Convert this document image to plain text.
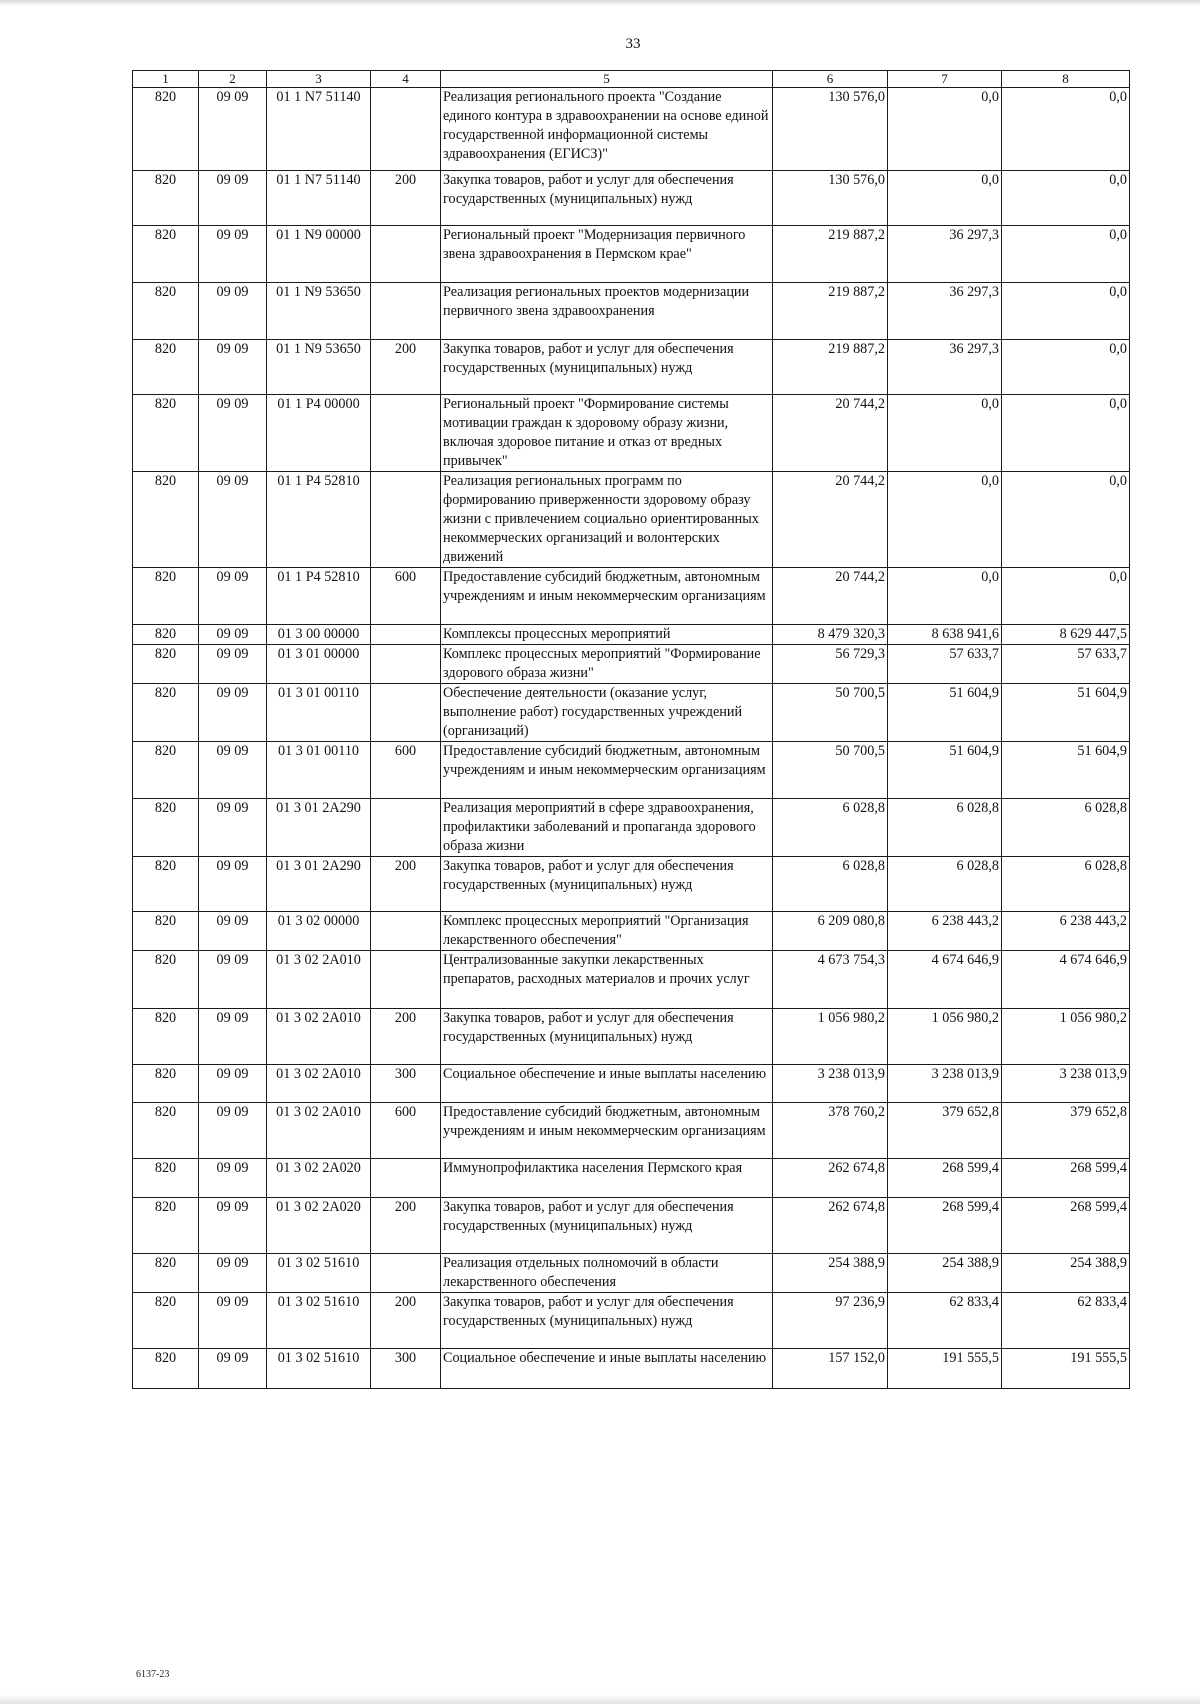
33
1	2	3	4	5	6	7	8
820	09 09	01 1 N7 51140		Реализация регионального проекта "Создание единого контура в здравоохранении на основе единой государственной информационной системы здравоохранения (ЕГИСЗ)"	130 576,0	0,0	0,0
820	09 09	01 1 N7 51140	200	Закупка товаров, работ и услуг для обеспечения государственных (муниципальных) нужд	130 576,0	0,0	0,0
820	09 09	01 1 N9 00000		Региональный проект "Модернизация первичного звена здравоохранения в Пермском крае"	219 887,2	36 297,3	0,0
820	09 09	01 1 N9 53650		Реализация региональных проектов модернизации первичного звена здравоохранения	219 887,2	36 297,3	0,0
820	09 09	01 1 N9 53650	200	Закупка товаров, работ и услуг для обеспечения государственных (муниципальных) нужд	219 887,2	36 297,3	0,0
820	09 09	01 1 P4 00000		Региональный проект "Формирование системы мотивации граждан к здоровому образу жизни, включая здоровое питание и отказ от вредных привычек"	20 744,2	0,0	0,0
820	09 09	01 1 P4 52810		Реализация региональных программ по формированию приверженности здоровому образу жизни с привлечением социально ориентированных некоммерческих организаций и волонтерских движений	20 744,2	0,0	0,0
820	09 09	01 1 P4 52810	600	Предоставление субсидий бюджетным, автономным учреждениям и иным некоммерческим организациям	20 744,2	0,0	0,0
820	09 09	01 3 00 00000		Комплексы процессных мероприятий	8 479 320,3	8 638 941,6	8 629 447,5
820	09 09	01 3 01 00000		Комплекс процессных мероприятий "Формирование здорового образа жизни"	56 729,3	57 633,7	57 633,7
820	09 09	01 3 01 00110		Обеспечение деятельности (оказание услуг, выполнение работ) государственных учреждений (организаций)	50 700,5	51 604,9	51 604,9
820	09 09	01 3 01 00110	600	Предоставление субсидий бюджетным, автономным учреждениям и иным некоммерческим организациям	50 700,5	51 604,9	51 604,9
820	09 09	01 3 01 2A290		Реализация мероприятий в сфере здравоохранения, профилактики заболеваний и пропаганда здорового образа жизни	6 028,8	6 028,8	6 028,8
820	09 09	01 3 01 2A290	200	Закупка товаров, работ и услуг для обеспечения государственных (муниципальных) нужд	6 028,8	6 028,8	6 028,8
820	09 09	01 3 02 00000		Комплекс процессных мероприятий "Организация лекарственного обеспечения"	6 209 080,8	6 238 443,2	6 238 443,2
820	09 09	01 3 02 2A010		Централизованные закупки лекарственных препаратов, расходных материалов и прочих услуг	4 673 754,3	4 674 646,9	4 674 646,9
820	09 09	01 3 02 2A010	200	Закупка товаров, работ и услуг для обеспечения государственных (муниципальных) нужд	1 056 980,2	1 056 980,2	1 056 980,2
820	09 09	01 3 02 2A010	300	Социальное обеспечение и иные выплаты населению	3 238 013,9	3 238 013,9	3 238 013,9
820	09 09	01 3 02 2A010	600	Предоставление субсидий бюджетным, автономным учреждениям и иным некоммерческим организациям	378 760,2	379 652,8	379 652,8
820	09 09	01 3 02 2A020		Иммунопрофилактика населения Пермского края	262 674,8	268 599,4	268 599,4
820	09 09	01 3 02 2A020	200	Закупка товаров, работ и услуг для обеспечения государственных (муниципальных) нужд	262 674,8	268 599,4	268 599,4
820	09 09	01 3 02 51610		Реализация отдельных полномочий в области лекарственного обеспечения	254 388,9	254 388,9	254 388,9
820	09 09	01 3 02 51610	200	Закупка товаров, работ и услуг для обеспечения государственных (муниципальных) нужд	97 236,9	62 833,4	62 833,4
820	09 09	01 3 02 51610	300	Социальное обеспечение и иные выплаты населению	157 152,0	191 555,5	191 555,5
6137-23
